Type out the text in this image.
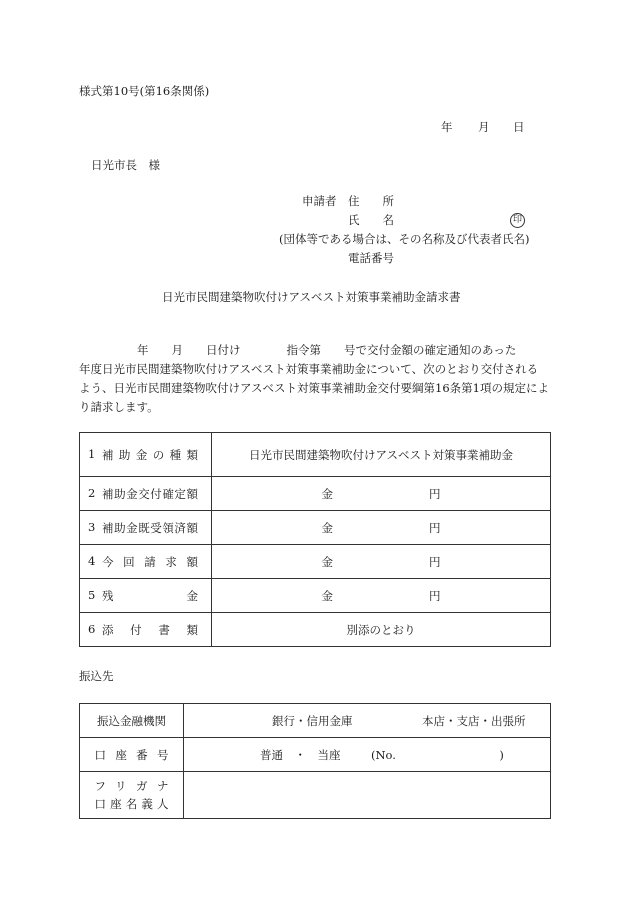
様式第10号(第16条関係)
年 月 日
日光市長　様
申請者 住　　所
氏　　名	印
(団体等である場合は、その名称及び代表者氏名)
電話番号
日光市民間建築物吹付けアスベスト対策事業補助金請求書
年　　月　　日付け　　　　指令第　　号で交付金額の確定通知のあった
年度日光市民間建築物吹付けアスベスト対策事業補助金について、次のとおり交付される
よう、日光市民間建築物吹付けアスベスト対策事業補助金交付要綱第16条第1項の規定によ
り請求します。
1 補助金の種類	日光市民間建築物吹付けアスベスト対策事業補助金
2 補助金交付確定額	金 円
3 補助金既受領済額	金 円
4 今回請求額	金 円
5 残 金	金 円
6 添付書類	別添のとおり
振込先
振込金融機関	銀行・信用金庫 本店・支店・出張所

口座番号	普通　・　当座 (No.　　　　　　　　　)

フリガナ
口座名義人	
